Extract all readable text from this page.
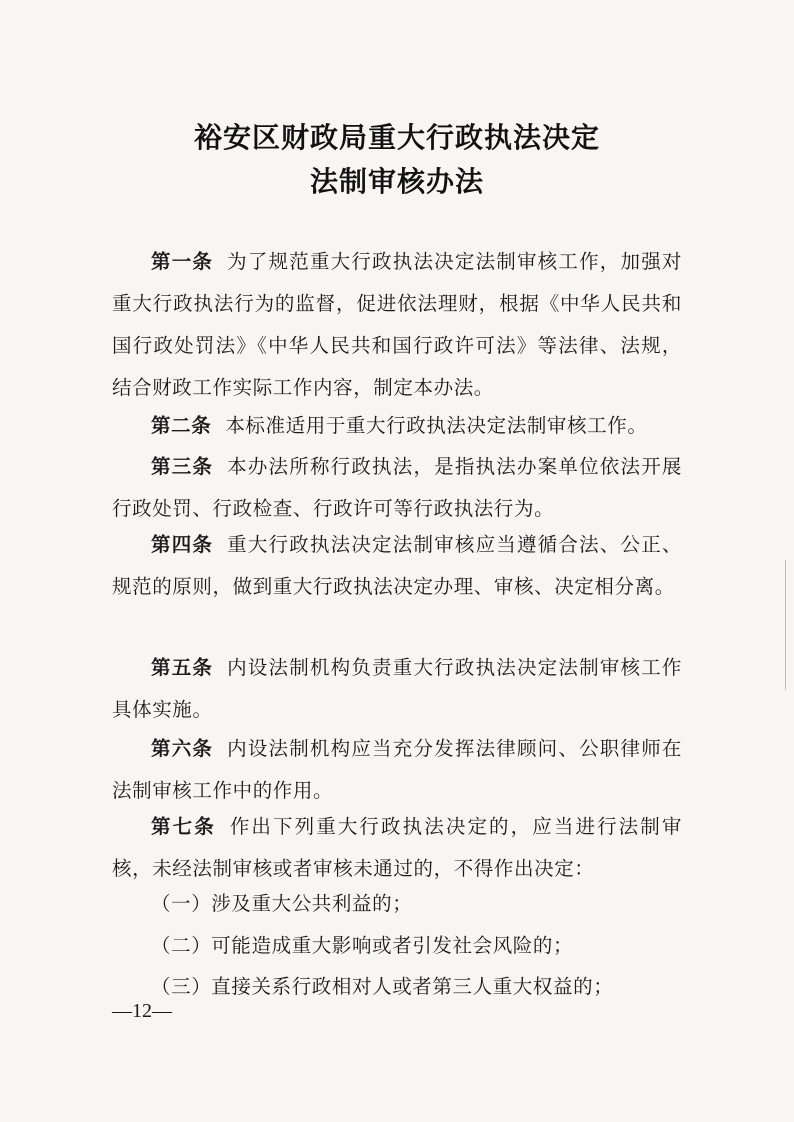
裕安区财政局重大行政执法决定
法制审核办法
第一条 为了规范重大行政执法决定法制审核工作，加强对重大行政执法行为的监督，促进依法理财，根据《中华人民共和国行政处罚法》《中华人民共和国行政许可法》等法律、法规，结合财政工作实际工作内容，制定本办法。
第二条 本标准适用于重大行政执法决定法制审核工作。
第三条 本办法所称行政执法，是指执法办案单位依法开展行政处罚、行政检查、行政许可等行政执法行为。
第四条 重大行政执法决定法制审核应当遵循合法、公正、规范的原则，做到重大行政执法决定办理、审核、决定相分离。
第五条 内设法制机构负责重大行政执法决定法制审核工作具体实施。
第六条 内设法制机构应当充分发挥法律顾问、公职律师在法制审核工作中的作用。
第七条 作出下列重大行政执法决定的，应当进行法制审核，未经法制审核或者审核未通过的，不得作出决定：
（一）涉及重大公共利益的；
（二）可能造成重大影响或者引发社会风险的；
（三）直接关系行政相对人或者第三人重大权益的；
—12—
